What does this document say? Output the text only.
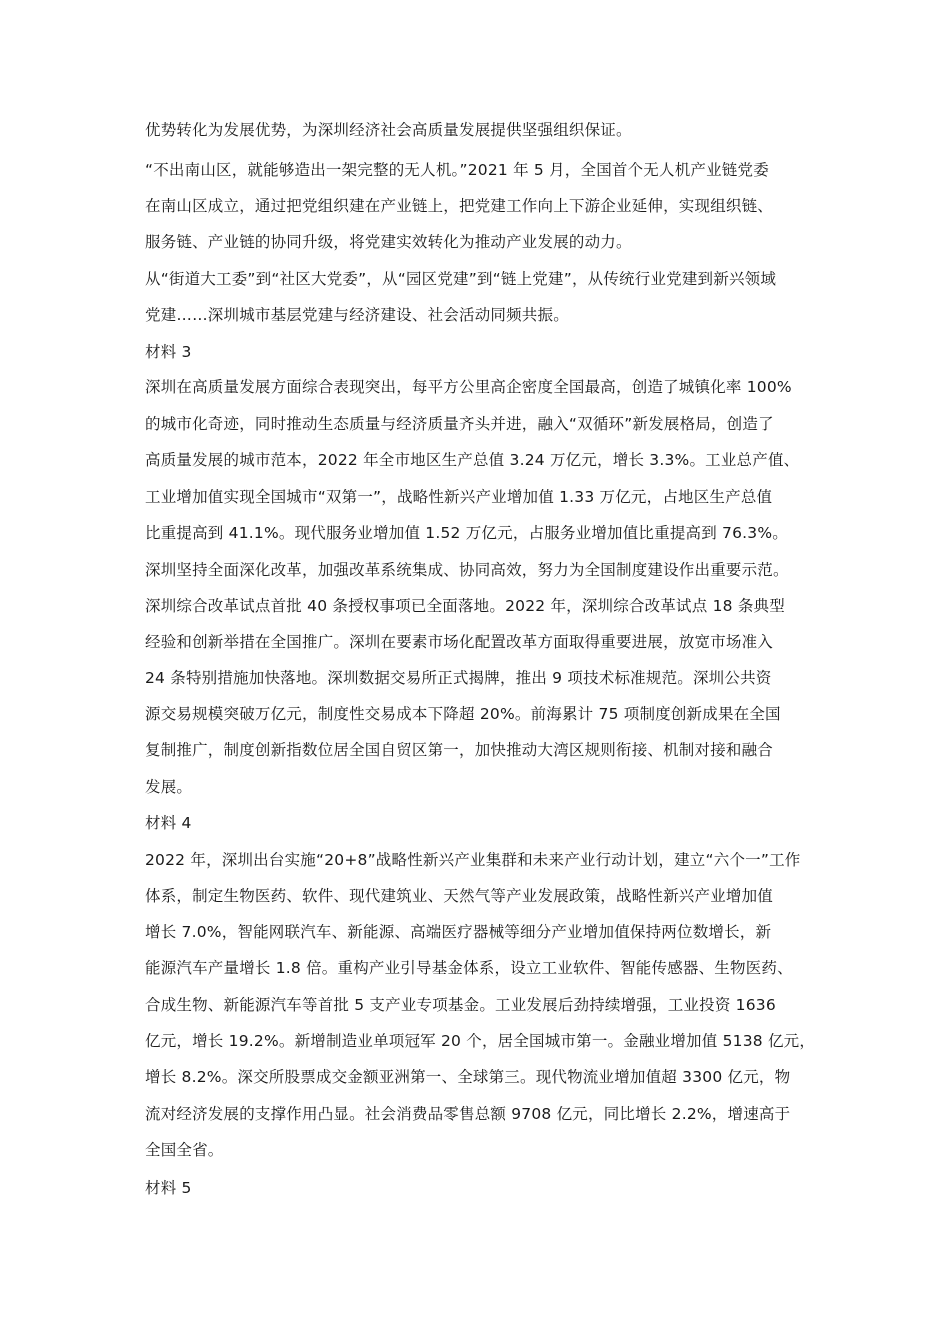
优势转化为发展优势，为深圳经济社会高质量发展提供坚强组织保证。
“不出南山区，就能够造出一架完整的无人机。”2021 年 5 月，全国首个无人机产业链党委
在南山区成立，通过把党组织建在产业链上，把党建工作向上下游企业延伸，实现组织链、
服务链、产业链的协同升级，将党建实效转化为推动产业发展的动力。
从“街道大工委”到“社区大党委”，从“园区党建”到“链上党建”，从传统行业党建到新兴领域
党建……深圳城市基层党建与经济建设、社会活动同频共振。
材料 3
深圳在高质量发展方面综合表现突出，每平方公里高企密度全国最高，创造了城镇化率 100%
的城市化奇迹，同时推动生态质量与经济质量齐头并进，融入“双循环”新发展格局，创造了
高质量发展的城市范本，2022 年全市地区生产总值 3.24 万亿元，增长 3.3%。工业总产值、
工业增加值实现全国城市“双第一”，战略性新兴产业增加值 1.33 万亿元，占地区生产总值
比重提高到 41.1%。现代服务业增加值 1.52 万亿元，占服务业增加值比重提高到 76.3%。
深圳坚持全面深化改革，加强改革系统集成、协同高效，努力为全国制度建设作出重要示范。
深圳综合改革试点首批 40 条授权事项已全面落地。2022 年，深圳综合改革试点 18 条典型
经验和创新举措在全国推广。深圳在要素市场化配置改革方面取得重要进展，放宽市场准入
24 条特别措施加快落地。深圳数据交易所正式揭牌，推出 9 项技术标准规范。深圳公共资
源交易规模突破万亿元，制度性交易成本下降超 20%。前海累计 75 项制度创新成果在全国
复制推广，制度创新指数位居全国自贸区第一，加快推动大湾区规则衔接、机制对接和融合
发展。
材料 4
2022 年，深圳出台实施“20+8”战略性新兴产业集群和未来产业行动计划，建立“六个一”工作
体系，制定生物医药、软件、现代建筑业、天然气等产业发展政策，战略性新兴产业增加值
增长 7.0%，智能网联汽车、新能源、高端医疗器械等细分产业增加值保持两位数增长，新
能源汽车产量增长 1.8 倍。重构产业引导基金体系，设立工业软件、智能传感器、生物医药、
合成生物、新能源汽车等首批 5 支产业专项基金。工业发展后劲持续增强，工业投资 1636
亿元，增长 19.2%。新增制造业单项冠军 20 个，居全国城市第一。金融业增加值 5138 亿元，
增长 8.2%。深交所股票成交金额亚洲第一、全球第三。现代物流业增加值超 3300 亿元，物
流对经济发展的支撑作用凸显。社会消费品零售总额 9708 亿元，同比增长 2.2%，增速高于
全国全省。
材料 5
